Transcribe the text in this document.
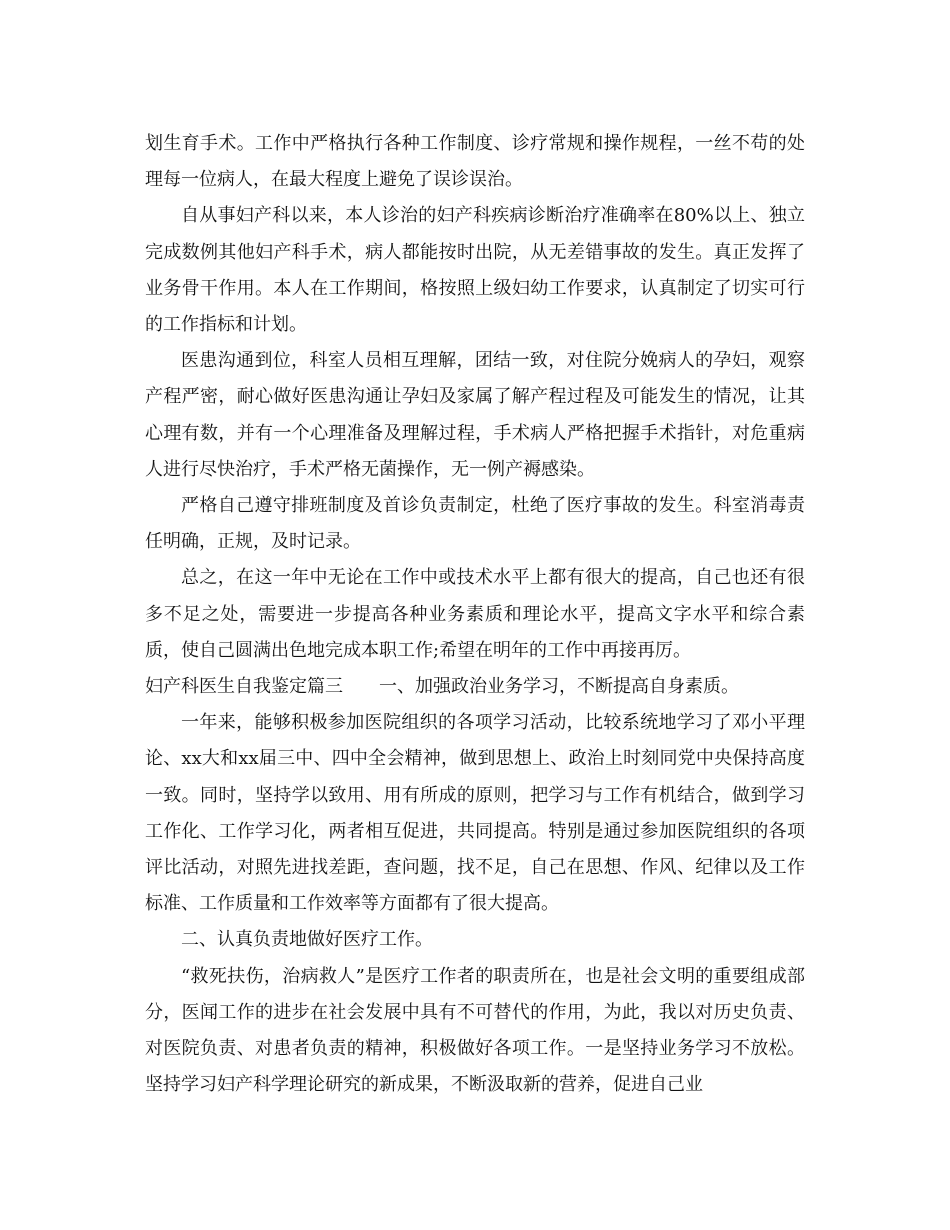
划生育手术。工作中严格执行各种工作制度、诊疗常规和操作规程，一丝不苟的处理每一位病人，在最大程度上避免了误诊误治。

自从事妇产科以来，本人诊治的妇产科疾病诊断治疗准确率在80%以上、独立完成数例其他妇产科手术，病人都能按时出院，从无差错事故的发生。真正发挥了业务骨干作用。本人在工作期间，格按照上级妇幼工作要求，认真制定了切实可行的工作指标和计划。

医患沟通到位，科室人员相互理解，团结一致，对住院分娩病人的孕妇，观察产程严密，耐心做好医患沟通让孕妇及家属了解产程过程及可能发生的情况，让其心理有数，并有一个心理准备及理解过程，手术病人严格把握手术指针，对危重病人进行尽快治疗，手术严格无菌操作，无一例产褥感染。

严格自己遵守排班制度及首诊负责制定，杜绝了医疗事故的发生。科室消毒责任明确，正规，及时记录。

总之，在这一年中无论在工作中或技术水平上都有很大的提高，自己也还有很多不足之处，需要进一步提高各种业务素质和理论水平，提高文字水平和综合素质，使自己圆满出色地完成本职工作;希望在明年的工作中再接再厉。

妇产科医生自我鉴定篇三 一、加强政治业务学习，不断提高自身素质。

一年来，能够积极参加医院组织的各项学习活动，比较系统地学习了邓小平理论、xx大和xx届三中、四中全会精神，做到思想上、政治上时刻同党中央保持高度一致。同时，坚持学以致用、用有所成的原则，把学习与工作有机结合，做到学习工作化、工作学习化，两者相互促进，共同提高。特别是通过参加医院组织的各项评比活动，对照先进找差距，查问题，找不足，自己在思想、作风、纪律以及工作标准、工作质量和工作效率等方面都有了很大提高。

二、认真负责地做好医疗工作。

“救死扶伤，治病救人”是医疗工作者的职责所在，也是社会文明的重要组成部分，医闻工作的进步在社会发展中具有不可替代的作用，为此，我以对历史负责、对医院负责、对患者负责的精神，积极做好各项工作。一是坚持业务学习不放松。坚持学习妇产科学理论研究的新成果，不断汲取新的营养，促进自己业
